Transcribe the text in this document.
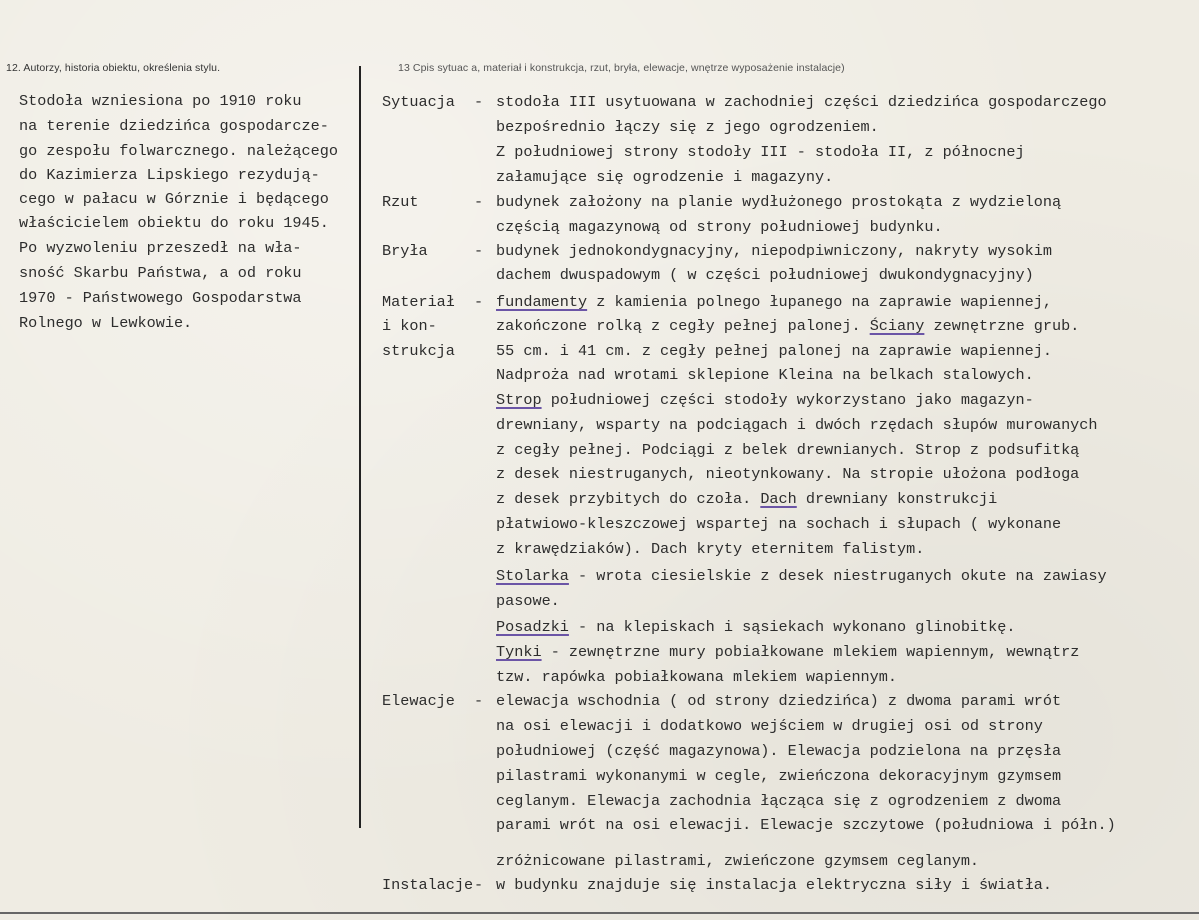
12. Autorzy, historia obiektu, określenia stylu.	13 Cpis sytuac a, materiał i konstrukcja, rzut, bryła, elewacje, wnętrze wyposażenie instalacje)
Stodoła wzniesiona po 1910 roku
na terenie dziedzińca gospodarcze-
go zespołu folwarcznego. należącego
do Kazimierza Lipskiego rezydują-
cego w pałacu w Górznie i będącego
właścicielem obiektu do roku 1945.
Po wyzwoleniu przeszedł na wła-
sność Skarbu Państwa, a od roku
1970 - Państwowego Gospodarstwa
Rolnego w Lewkowie.
Sytuacja - stodoła III usytuowana w zachodniej części dziedzińca gospodarczego
bezpośrednio łączy się z jego ogrodzeniem.
Z południowej strony stodoły III - stodoła II, z północnej
załamujące się ogrodzenie i magazyny.
Rzut	- budynek założony na planie wydłużonego prostokąta z wydzieloną
częścią magazynową od strony południowej budynku.
Bryła	- budynek jednokondygnacyjny, niepodpiwniczony, nakryty wysokim
dachem dwuspadowym ( w części południowej dwukondygnacyjny)
Materiał
i kon-
strukcja
- fundamenty z kamienia polnego łupanego na zaprawie wapiennej,
zakończone rolką z cegły pełnej palonej. Ściany zewnętrzne grub.
55 cm. i 41 cm. z cegły pełnej palonej na zaprawie wapiennej.
Nadproża nad wrotami sklepione Kleina na belkach stalowych.
Strop południowej części stodoły wykorzystano jako magazyn-
drewniany, wsparty na podciągach i dwóch rzędach słupów murowanych
z cegły pełnej. Podciągi z belek drewnianych. Strop z podsufitką
z desek niestruganych, nieotynkowany. Na stropie ułożona podłoga
z desek przybitych do czoła. Dach drewniany konstrukcji
płatwiowo-kleszczowej wspartej na sochach i słupach ( wykonane
z krawędziaków). Dach kryty eternitem falistym.
Stolarka - wrota ciesielskie z desek niestruganych okute na zawiasy
pasowe.
Posadzki - na klepiskach i sąsiekach wykonano glinobitkę.
Tynki - zewnętrzne mury pobiałkowane mlekiem wapiennym, wewnątrz
tzw. rapówka pobiałkowana mlekiem wapiennym.
Elewacje - elewacja wschodnia ( od strony dziedzińca) z dwoma parami wrót
na osi elewacji i dodatkowo wejściem w drugiej osi od strony
południowej (część magazynowa). Elewacja podzielona na przęsła
pilastrami wykonanymi w cegle, zwieńczona dekoracyjnym gzymsem
ceglanym. Elewacja zachodnia łącząca się z ogrodzeniem z dwoma
parami wrót na osi elewacji. Elewacje szczytowe (południowa i półn.)
zróżnicowane pilastrami, zwieńczone gzymsem ceglanym.
Instalacje - w budynku znajduje się instalacja elektryczna siły i światła.
